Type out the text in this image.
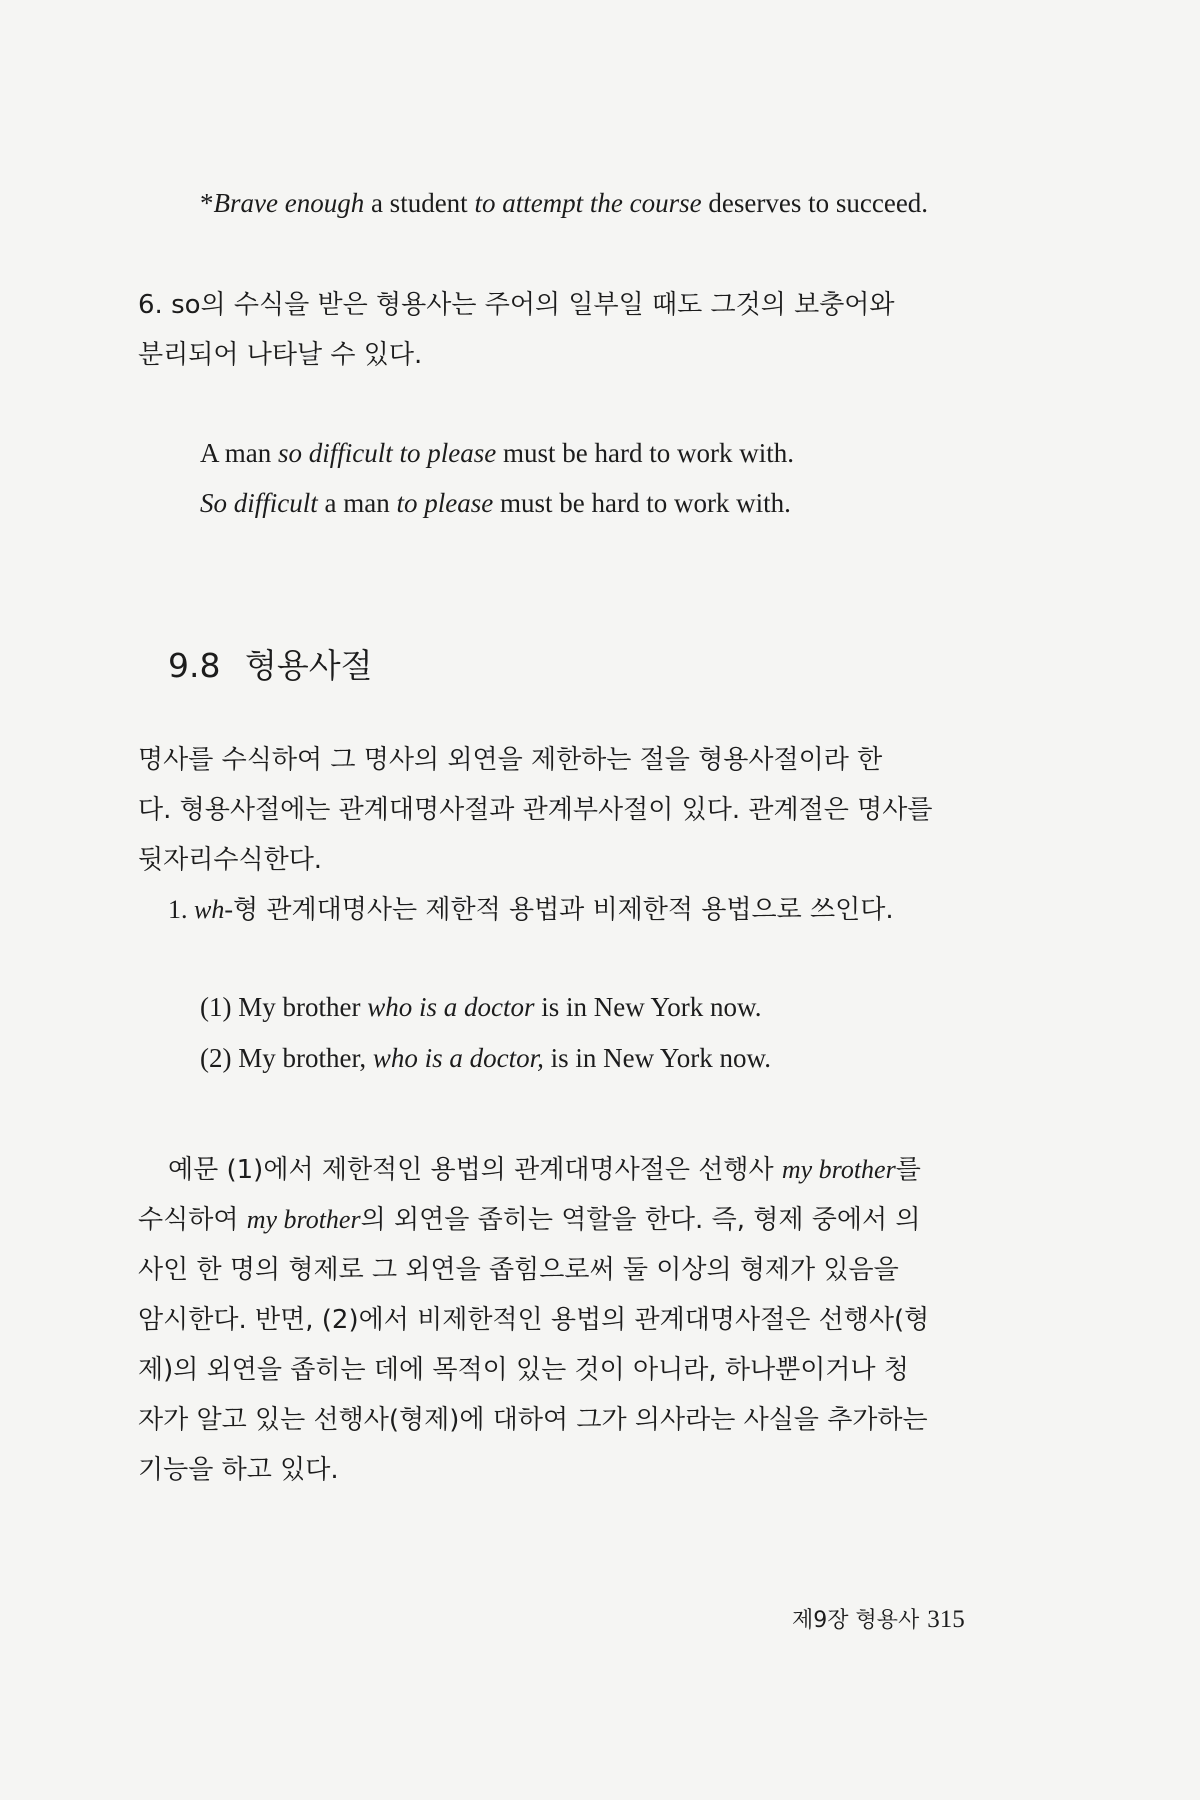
*Brave enough a student to attempt the course deserves to succeed.
6. so의 수식을 받은 형용사는 주어의 일부일 때도 그것의 보충어와
분리되어 나타날 수 있다.
A man so difficult to please must be hard to work with.
So difficult a man to please must be hard to work with.
9.8 형용사절
명사를 수식하여 그 명사의 외연을 제한하는 절을 형용사절이라 한
다. 형용사절에는 관계대명사절과 관계부사절이 있다. 관계절은 명사를
뒷자리수식한다.
1. wh-형 관계대명사는 제한적 용법과 비제한적 용법으로 쓰인다.
(1) My brother who is a doctor is in New York now.
(2) My brother, who is a doctor, is in New York now.
예문 (1)에서 제한적인 용법의 관계대명사절은 선행사 my brother를
수식하여 my brother의 외연을 좁히는 역할을 한다. 즉, 형제 중에서 의
사인 한 명의 형제로 그 외연을 좁힘으로써 둘 이상의 형제가 있음을
암시한다. 반면, (2)에서 비제한적인 용법의 관계대명사절은 선행사(형
제)의 외연을 좁히는 데에 목적이 있는 것이 아니라, 하나뿐이거나 청
자가 알고 있는 선행사(형제)에 대하여 그가 의사라는 사실을 추가하는
기능을 하고 있다.
제9장 형용사 315
